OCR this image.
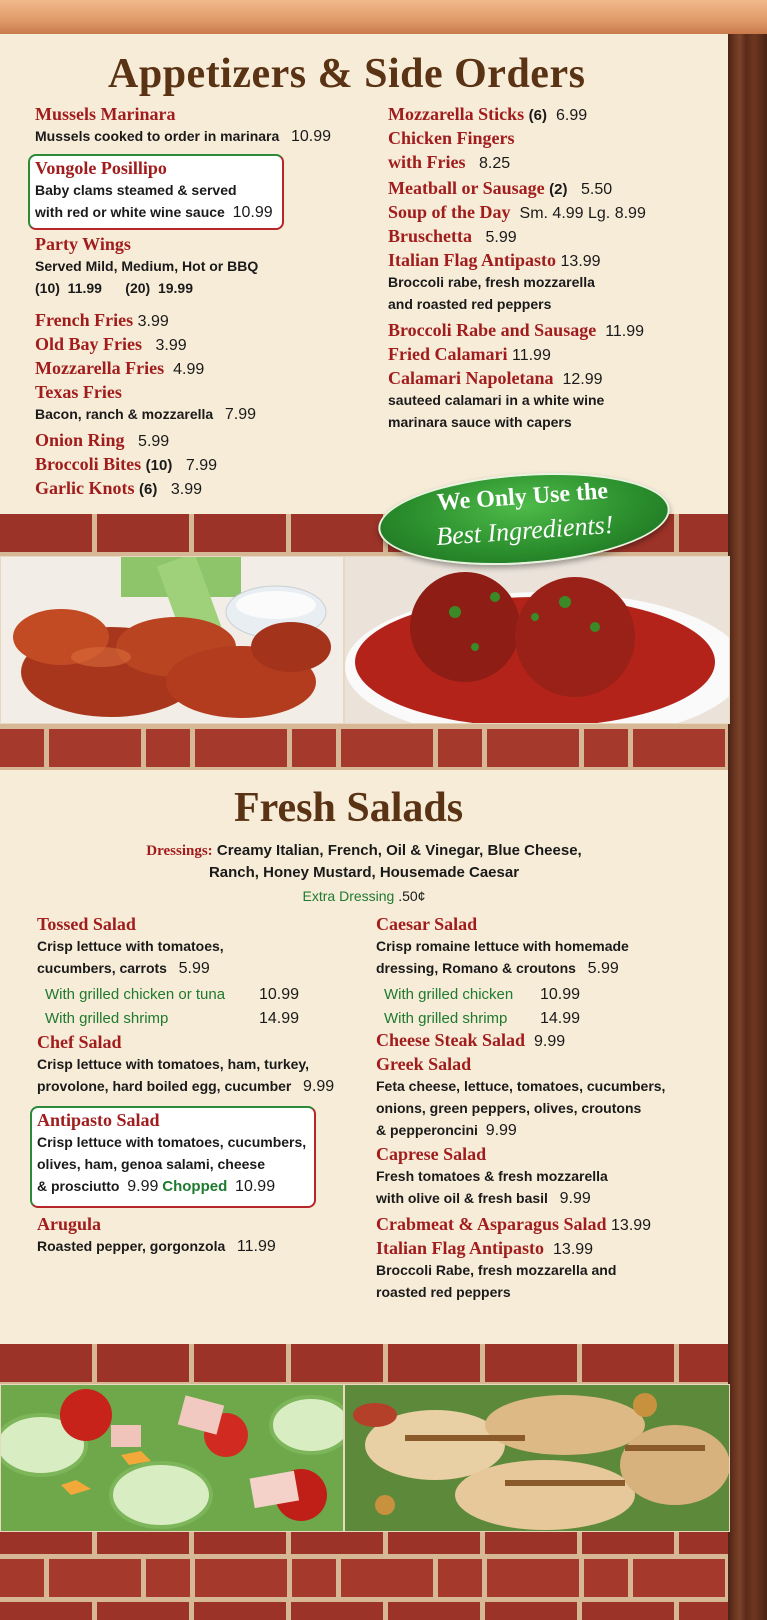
Appetizers & Side Orders
Mussels Marinara
Mussels cooked to order in marinara 10.99
Vongole Posillipo
Baby clams steamed & served
with red or white wine sauce 10.99
Party Wings
Served Mild, Medium, Hot or BBQ
(10)  11.99      (20)  19.99
French Fries 3.99
Old Bay Fries 3.99
Mozzarella Fries 4.99
Texas Fries
Bacon, ranch & mozzarella 7.99
Onion Ring 5.99
Broccoli Bites (10) 7.99
Garlic Knots (6) 3.99
Mozzarella Sticks (6) 6.99
Chicken Fingers
with Fries 8.25
Meatball or Sausage (2) 5.50
Soup of the Day Sm. 4.99 Lg. 8.99
Bruschetta 5.99
Italian Flag Antipasto 13.99
Broccoli rabe, fresh mozzarella
and roasted red peppers
Broccoli Rabe and Sausage 11.99
Fried Calamari 11.99
Calamari Napoletana 12.99
sauteed calamari in a white wine
marinara sauce with capers
We Only Use the
Best Ingredients!
Fresh Salads
Dressings: Creamy Italian, French, Oil & Vinegar, Blue Cheese,
Ranch, Honey Mustard, Housemade Caesar
Extra Dressing .50¢
Tossed Salad
Crisp lettuce with tomatoes,
cucumbers, carrots 5.99
With grilled chicken or tuna 10.99
With grilled shrimp	14.99
Chef Salad
Crisp lettuce with tomatoes, ham, turkey,
provolone, hard boiled egg, cucumber 9.99
Antipasto Salad
Crisp lettuce with tomatoes, cucumbers,
olives, ham, genoa salami, cheese
& prosciutto 9.99 Chopped 10.99
Arugula
Roasted pepper, gorgonzola 11.99
Caesar Salad
Crisp romaine lettuce with homemade
dressing, Romano & croutons 5.99
With grilled chicken 10.99
With grilled shrimp 14.99
Cheese Steak Salad 9.99
Greek Salad
Feta cheese, lettuce, tomatoes, cucumbers,
onions, green peppers, olives, croutons
& pepperoncini 9.99
Caprese Salad
Fresh tomatoes & fresh mozzarella
with olive oil & fresh basil 9.99
Crabmeat & Asparagus Salad 13.99
Italian Flag Antipasto 13.99
Broccoli Rabe, fresh mozzarella and
roasted red peppers
